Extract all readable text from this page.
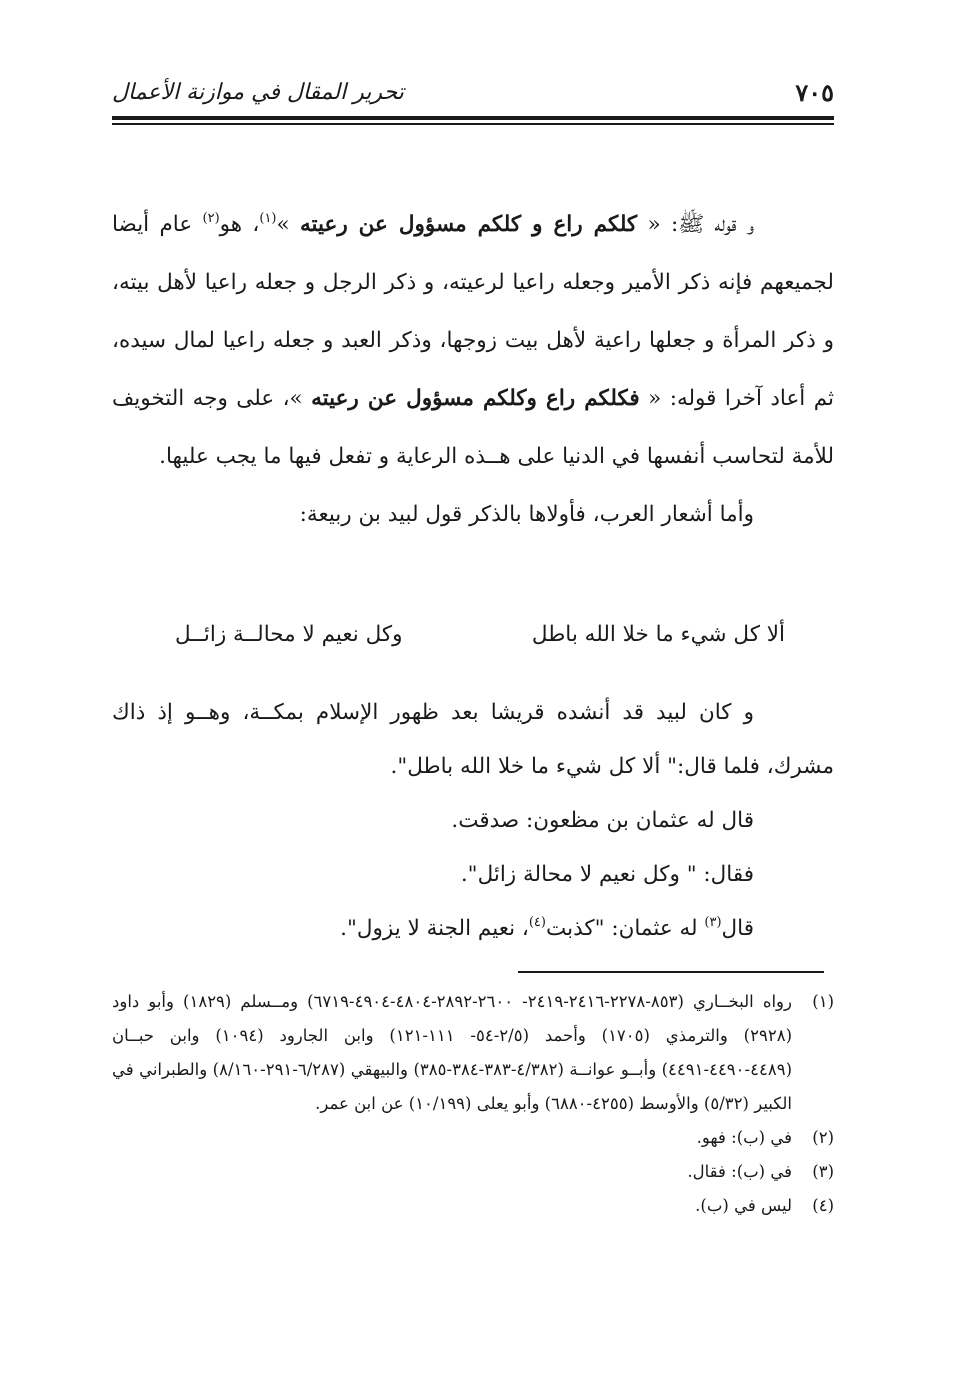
٧٠٥
تحرير المقال في موازنة الأعمال

و قوله ﷺ: « كلكم راع و كلكم مسؤول عن رعيته »$^{(١)}$، هو$^{(٢)}$ عام أيضا لجميعهم فإنه ذكر الأمير وجعله راعيا لرعيته، و ذكر الرجل و جعله راعيا لأهل بيته، و ذكر المرأة و جعلها راعية لأهل بيت زوجها، وذكر العبد و جعله راعيا لمال سيده، ثم أعاد آخرا قوله: « فكلكم راع وكلكم مسؤول عن رعيته »، على وجه التخويف للأمة لتحاسب أنفسها في الدنيا على هــذه الرعاية و تفعل فيها ما يجب عليها.

وأما أشعار العرب، فأولاها بالذكر قول لبيد بن ربيعة:

ألا كل شيء ما خلا الله باطل
وكل نعيم لا محالــة زائــل

و كان لبيد قد أنشده قريشا بعد ظهور الإسلام بمكــة، وهــو إذ ذاك مشرك، فلما قال:" ألا كل شيء ما خلا الله باطل".

قال له عثمان بن مظعون: صدقت.

فقال: " وكل نعيم لا محالة زائل".

قال$^{(٣)}$ له عثمان: "كذبت$^{(٤)}$، نعيم الجنة لا يزول".

(١)
رواه البخــاري (٨٥٣-٢٢٧٨-٢٤١٦-٢٤١٩- ٢٦٠٠-٢٨٩٢-٤٨٠٤-٤٩٠٤-٦٧١٩) ومــسلم (١٨٢٩) وأبو داود (٢٩٢٨) والترمذي (١٧٠٥) وأحمد (٢/٥-٥٤- ١١١-١٢١) وابن الجارود (١٠٩٤) وابن حبــان (٤٤٨٩-٤٤٩٠-٤٤٩١) وأبــو عوانــة (٤/٣٨٢-٣٨٣-٣٨٤-٣٨٥) والبيهقي (٦/٢٨٧-٢٩١-٨/١٦٠) والطبراني في الكبير (٥/٣٢) والأوسط (٤٢٥٥-٦٨٨٠) وأبو يعلى (١٠/١٩٩) عن ابن عمر.
(٢)
في (ب): فهو.
(٣)
في (ب): فقال.
(٤)
ليس في (ب).
